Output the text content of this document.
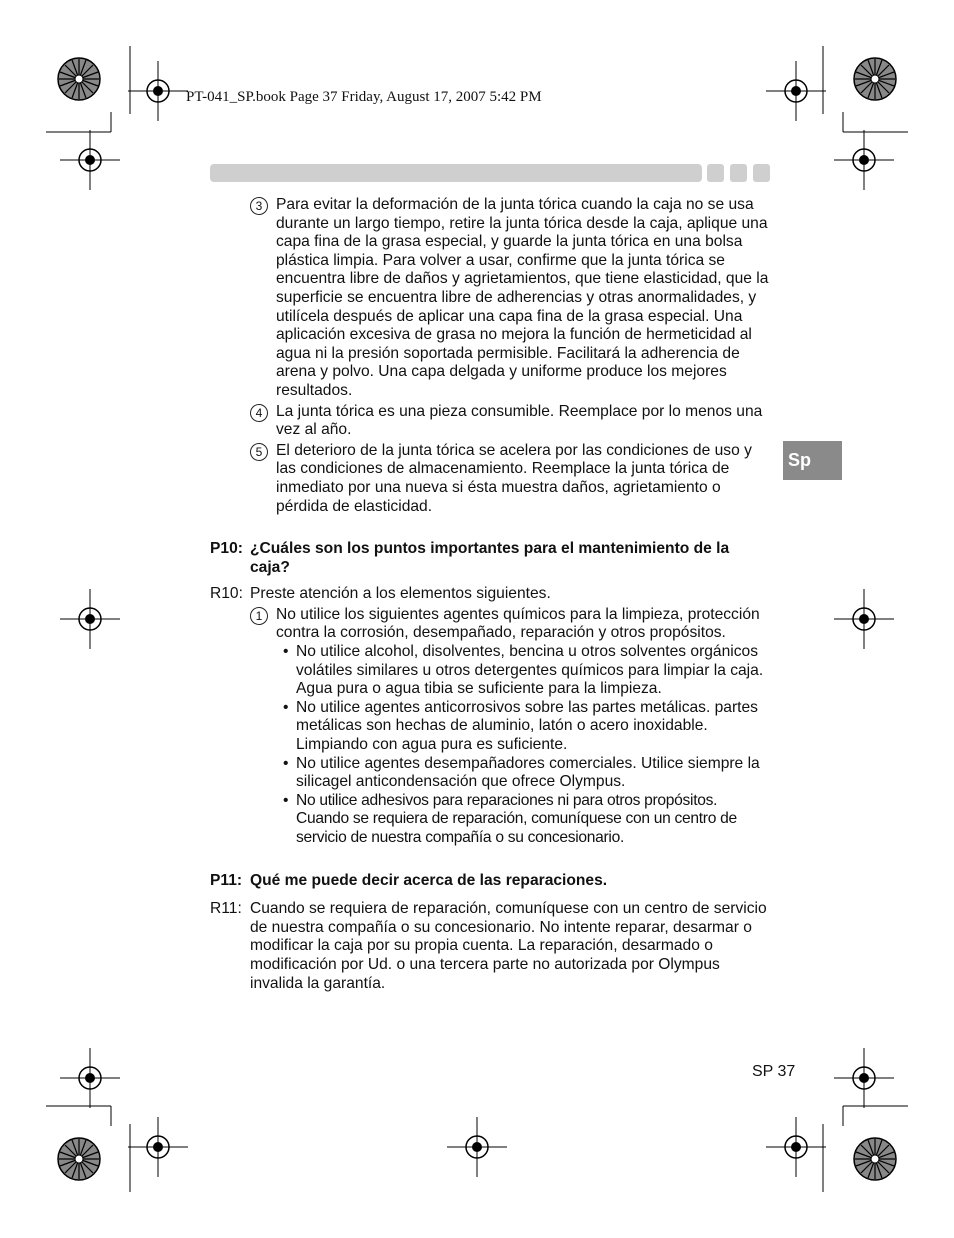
PT-041_SP.book Page 37 Friday, August 17, 2007 5:42 PM
Sp
3 Para evitar la deformación de la junta tórica cuando la caja no se usa durante un largo tiempo, retire la junta tórica desde la caja, aplique una capa fina de la grasa especial, y guarde la junta tórica en una bolsa plástica limpia. Para volver a usar, confirme que la junta tórica se encuentra libre de daños y agrietamientos, que tiene elasticidad, que la superficie se encuentra libre de adherencias y otras anormalidades, y utilícela después de aplicar una capa fina de la grasa especial. Una aplicación excesiva de grasa no mejora la función de hermeticidad al agua ni la presión soportada permisible. Facilitará la adherencia de arena y polvo. Una capa delgada y uniforme produce los mejores resultados.
4 La junta tórica es una pieza consumible. Reemplace por lo menos una vez al año.
5 El deterioro de la junta tórica se acelera por las condiciones de uso y las condiciones de almacenamiento. Reemplace la junta tórica de inmediato por una nueva si ésta muestra daños, agrietamiento o pérdida de elasticidad.
P10: ¿Cuáles son los puntos importantes para el mantenimiento de la caja?
R10: Preste atención a los elementos siguientes.
1 No utilice los siguientes agentes químicos para la limpieza, protección contra la corrosión, desempañado, reparación y otros propósitos.
• No utilice alcohol, disolventes, bencina u otros solventes orgánicos volátiles similares u otros detergentes químicos para limpiar la caja. Agua pura o agua tibia se suficiente para la limpieza.
• No utilice agentes anticorrosivos sobre las partes metálicas. partes metálicas son hechas de aluminio, latón o acero inoxidable. Limpiando con agua pura es suficiente.
• No utilice agentes desempañadores comerciales. Utilice siempre la silicagel anticondensación que ofrece Olympus.
• No utilice adhesivos para reparaciones ni para otros propósitos. Cuando se requiera de reparación, comuníquese con un centro de servicio de nuestra compañía o su concesionario.
P11: Qué me puede decir acerca de las reparaciones.
R11: Cuando se requiera de reparación, comuníquese con un centro de servicio de nuestra compañía o su concesionario. No intente reparar, desarmar o modificar la caja por su propia cuenta. La reparación, desarmado o modificación por Ud. o una tercera parte no autorizada por Olympus invalida la garantía.
SP 37
